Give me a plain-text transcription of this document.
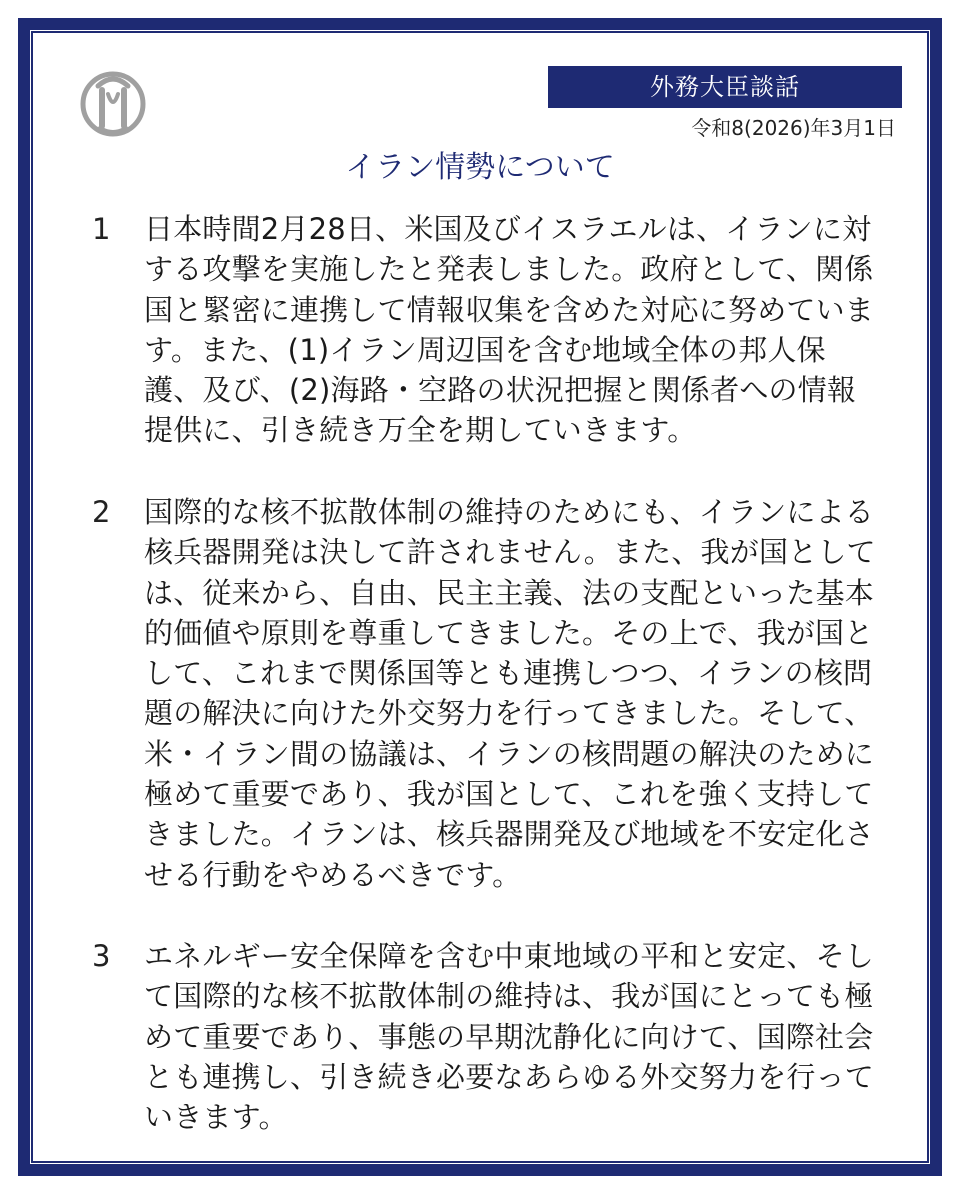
外務大臣談話
令和8(2026)年3月1日
イラン情勢について
1	日本時間2月28日、米国及びイスラエルは、イランに対する攻撃を実施したと発表しました。政府として、関係国と緊密に連携して情報収集を含めた対応に努めています。また、(1)イラン周辺国を含む地域全体の邦人保護、及び、(2)海路・空路の状況把握と関係者への情報提供に、引き続き万全を期していきます。
2	国際的な核不拡散体制の維持のためにも、イランによる核兵器開発は決して許されません。また、我が国としては、従来から、自由、民主主義、法の支配といった基本的価値や原則を尊重してきました。その上で、我が国として、これまで関係国等とも連携しつつ、イランの核問題の解決に向けた外交努力を行ってきました。そして、米・イラン間の協議は、イランの核問題の解決のために極めて重要であり、我が国として、これを強く支持してきました。イランは、核兵器開発及び地域を不安定化させる行動をやめるべきです。
3	エネルギー安全保障を含む中東地域の平和と安定、そして国際的な核不拡散体制の維持は、我が国にとっても極めて重要であり、事態の早期沈静化に向けて、国際社会とも連携し、引き続き必要なあらゆる外交努力を行っていきます。
